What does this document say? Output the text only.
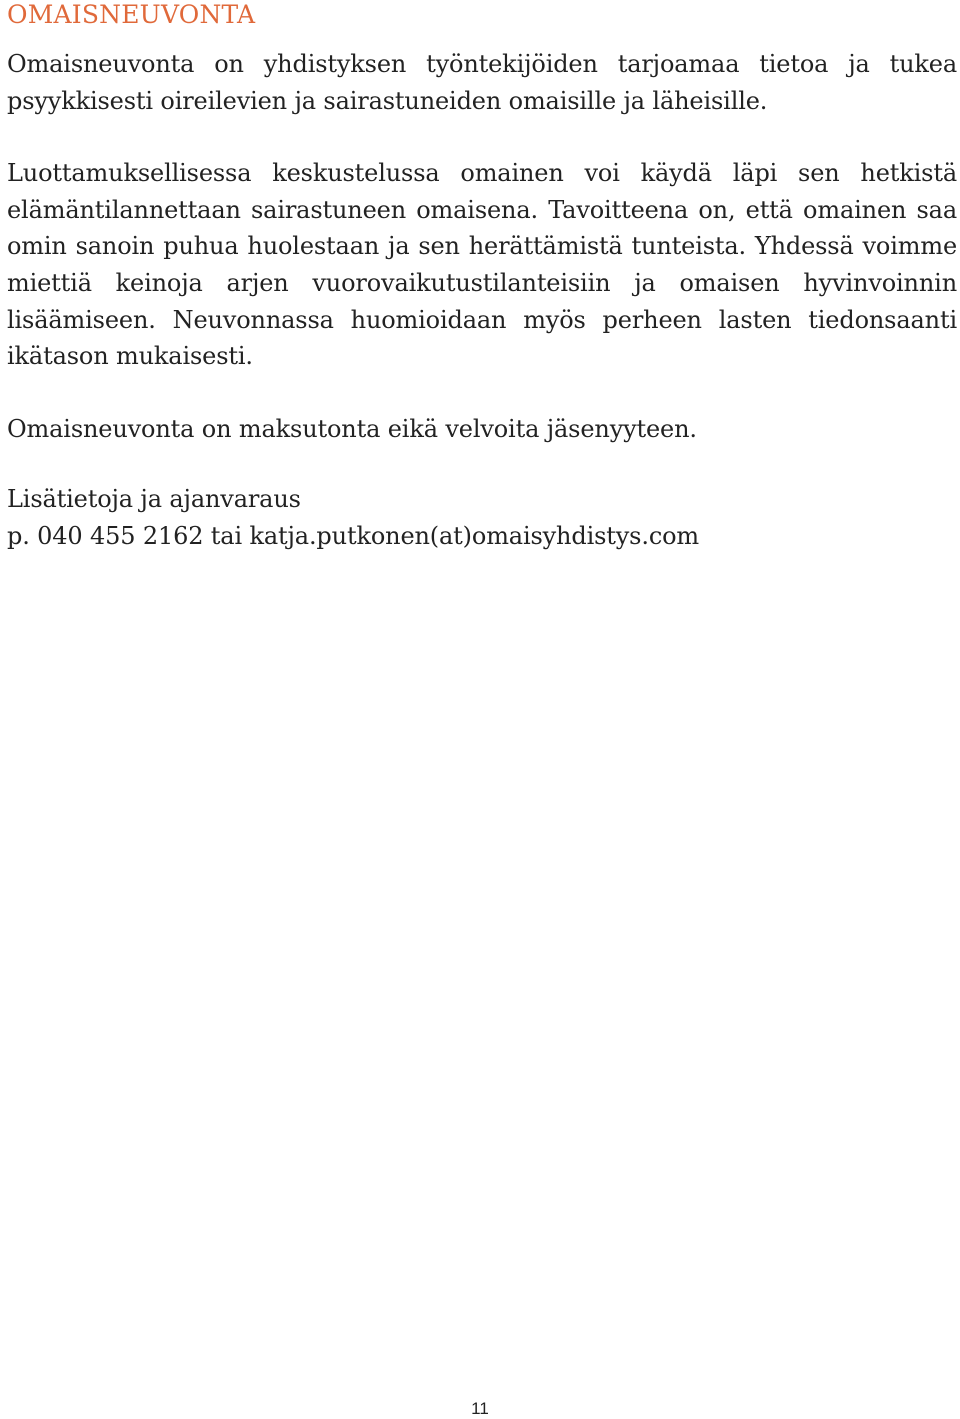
OMAISNEUVONTA

Omaisneuvonta on yhdistyksen työntekijöiden tarjoamaa tietoa ja tukea psyykkisesti oireilevien ja sairastuneiden omaisille ja läheisille.

Luottamuksellisessa keskustelussa omainen voi käydä läpi sen hetkistä elämäntilannettaan sairastuneen omaisena. Tavoitteena on, että omainen saa omin sanoin puhua huolestaan ja sen herättämistä tunteista. Yhdessä voimme miettiä keinoja arjen vuorovaikutustilanteisiin ja omaisen hyvinvoinnin lisäämiseen. Neuvonnassa huomioidaan myös perheen lasten tiedonsaanti ikätason mukaisesti.

Omaisneuvonta on maksutonta eikä velvoita jäsenyyteen.

Lisätietoja ja ajanvaraus
p. 040 455 2162 tai katja.putkonen(at)omaisyhdistys.com
11
